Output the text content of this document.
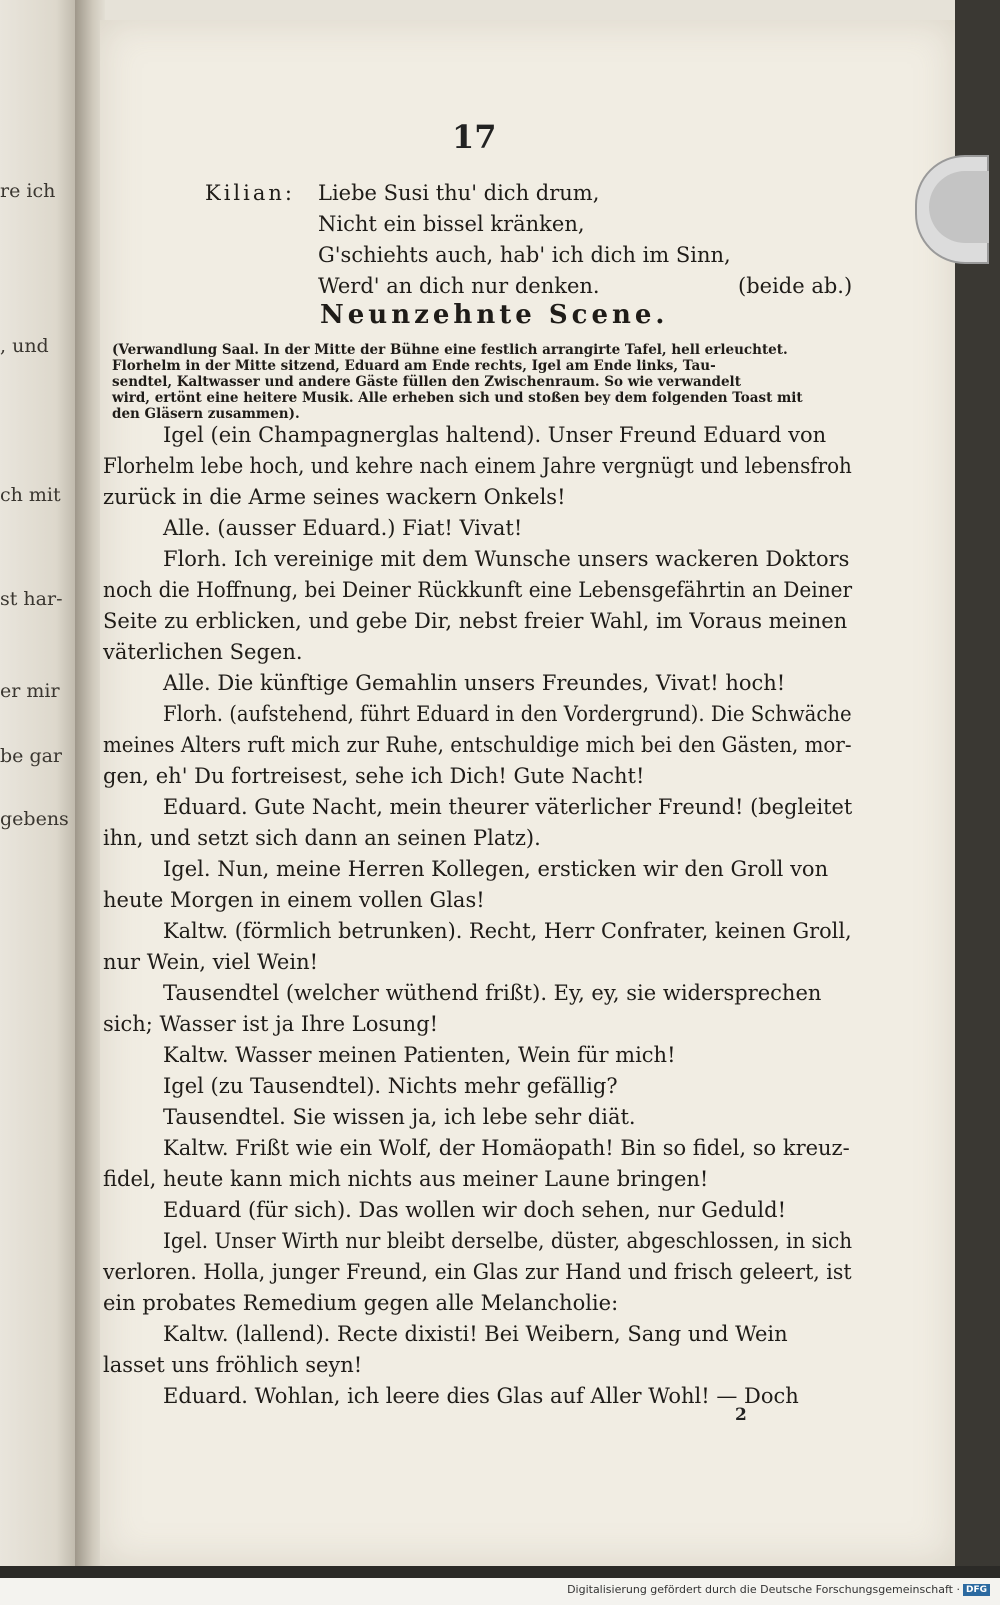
re ich
, und
ch mit
st har-
er mir
be gar
gebens
17
Kilian: Liebe Susi thu' dich drum,
Nicht ein bissel kränken,
G'schiehts auch, hab' ich dich im Sinn,
Werd' an dich nur denken.	(beide ab.)
Neunzehnte Scene.
(Verwandlung Saal. In der Mitte der Bühne eine festlich arrangirte Tafel, hell erleuchtet.
Florhelm in der Mitte sitzend, Eduard am Ende rechts, Igel am Ende links, Tau-
sendtel, Kaltwasser und andere Gäste füllen den Zwischenraum. So wie verwandelt
wird, ertönt eine heitere Musik. Alle erheben sich und stoßen bey dem folgenden Toast mit
den Gläsern zusammen).
Igel (ein Champagnerglas haltend). Unser Freund Eduard von
Florhelm lebe hoch, und kehre nach einem Jahre vergnügt und lebensfroh
zurück in die Arme seines wackern Onkels!
Alle. (ausser Eduard.) Fiat! Vivat!
Florh. Ich vereinige mit dem Wunsche unsers wackeren Doktors
noch die Hoffnung, bei Deiner Rückkunft eine Lebensgefährtin an Deiner
Seite zu erblicken, und gebe Dir, nebst freier Wahl, im Voraus meinen
väterlichen Segen.
Alle. Die künftige Gemahlin unsers Freundes, Vivat! hoch!
Florh. (aufstehend, führt Eduard in den Vordergrund). Die Schwäche
meines Alters ruft mich zur Ruhe, entschuldige mich bei den Gästen, mor-
gen, eh' Du fortreisest, sehe ich Dich! Gute Nacht!
Eduard. Gute Nacht, mein theurer väterlicher Freund! (begleitet
ihn, und setzt sich dann an seinen Platz).
Igel. Nun, meine Herren Kollegen, ersticken wir den Groll von
heute Morgen in einem vollen Glas!
Kaltw. (förmlich betrunken). Recht, Herr Confrater, keinen Groll,
nur Wein, viel Wein!
Tausendtel (welcher wüthend frißt). Ey, ey, sie widersprechen
sich; Wasser ist ja Ihre Losung!
Kaltw. Wasser meinen Patienten, Wein für mich!
Igel (zu Tausendtel). Nichts mehr gefällig?
Tausendtel. Sie wissen ja, ich lebe sehr diät.
Kaltw. Frißt wie ein Wolf, der Homäopath! Bin so fidel, so kreuz-
fidel, heute kann mich nichts aus meiner Laune bringen!
Eduard (für sich). Das wollen wir doch sehen, nur Geduld!
Igel. Unser Wirth nur bleibt derselbe, düster, abgeschlossen, in sich
verloren. Holla, junger Freund, ein Glas zur Hand und frisch geleert, ist
ein probates Remedium gegen alle Melancholie:
Kaltw. (lallend). Recte dixisti! Bei Weibern, Sang und Wein
lasset uns fröhlich seyn!
Eduard. Wohlan, ich leere dies Glas auf Aller Wohl! — Doch
2
Digitalisierung gefördert durch die Deutsche Forschungsgemeinschaft · DFG
